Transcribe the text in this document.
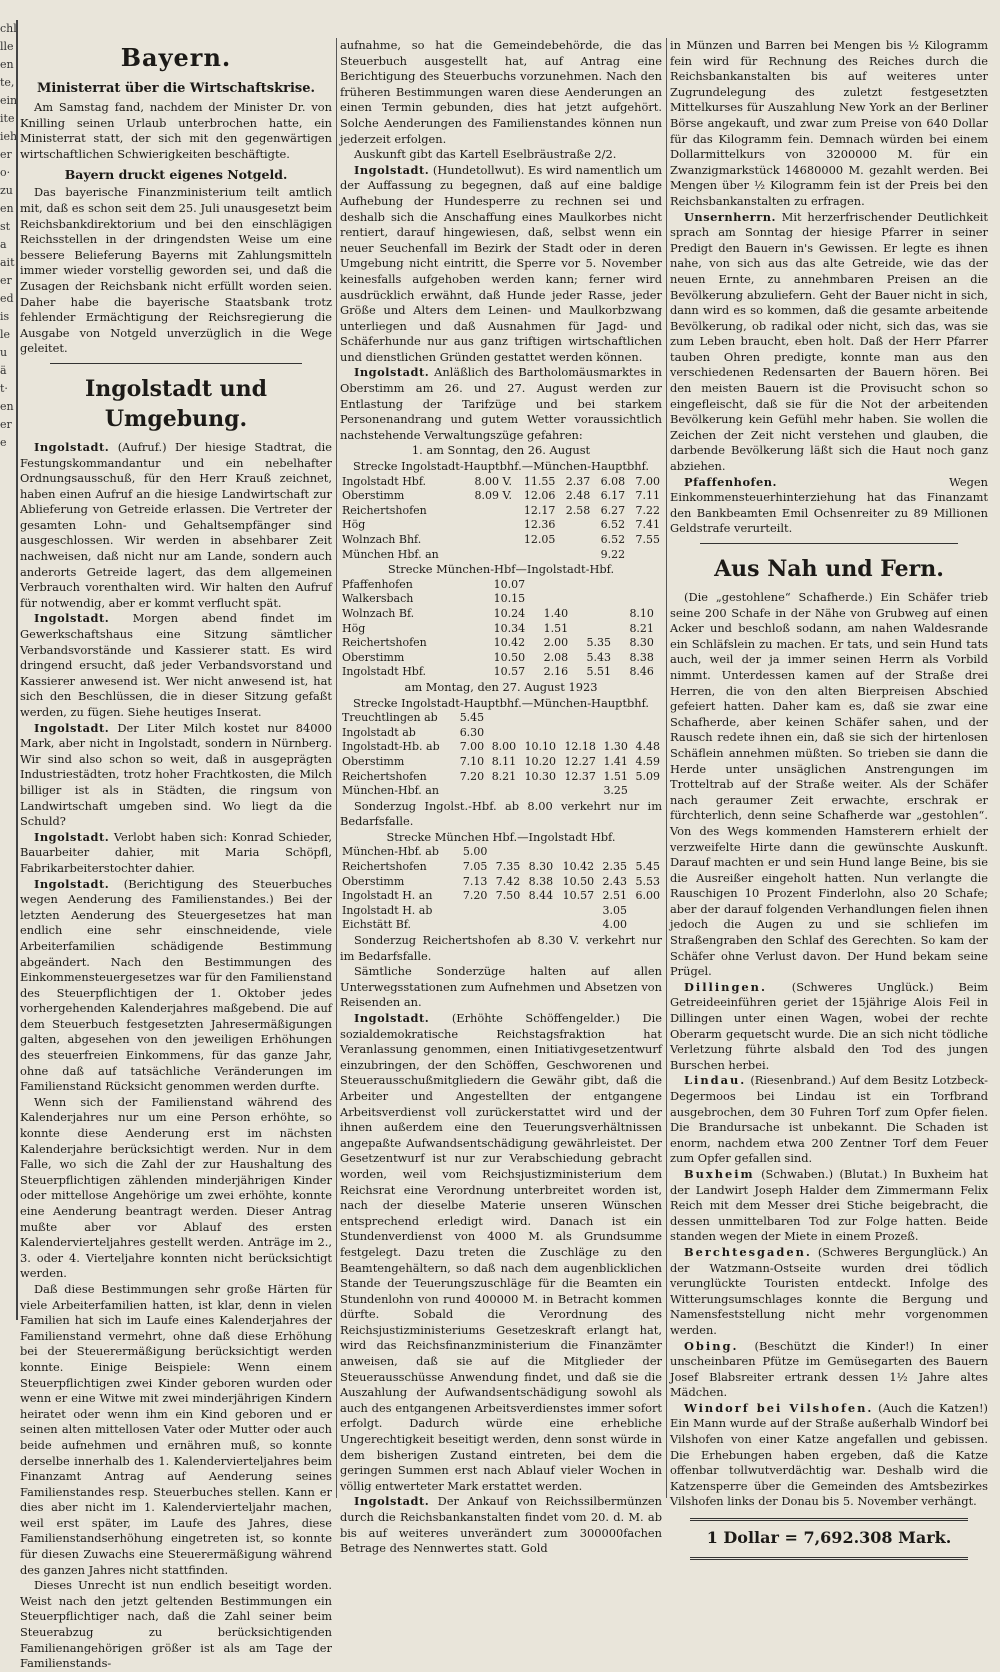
chl
lle
en
te,
ein
ite
ieh
er
o·
zu
en
st
a
ait
er
ed
is
le
u
ä
t·
en
er
e
Bayern.
Ministerrat über die Wirtschaftskrise.

Am Samstag fand, nachdem der Minister Dr. von Knilling seinen Urlaub unterbrochen hatte, ein Ministerrat statt, der sich mit den gegenwärtigen wirtschaftlichen Schwierigkeiten beschäftigte.

Bayern druckt eigenes Notgeld.

Das bayerische Finanzministerium teilt amtlich mit, daß es schon seit dem 25. Juli unausgesetzt beim Reichsbankdirektorium und bei den einschlägigen Reichsstellen in der dringendsten Weise um eine bessere Belieferung Bayerns mit Zahlungsmitteln immer wieder vorstellig geworden sei, und daß die Zusagen der Reichsbank nicht erfüllt worden seien. Daher habe die bayerische Staatsbank trotz fehlender Ermächtigung der Reichsregierung die Ausgabe von Notgeld unverzüglich in die Wege geleitet.

Ingolstadt und Umgebung.

Ingolstadt. (Aufruf.) Der hiesige Stadtrat, die Festungskommandantur und ein nebelhafter Ordnungsausschuß, für den Herr Krauß zeichnet, haben einen Aufruf an die hiesige Landwirtschaft zur Ablieferung von Getreide erlassen. Die Vertreter der gesamten Lohn- und Gehaltsempfänger sind ausgeschlossen. Wir werden in absehbarer Zeit nachweisen, daß nicht nur am Lande, sondern auch anderorts Getreide lagert, das dem allgemeinen Verbrauch vorenthalten wird. Wir halten den Aufruf für notwendig, aber er kommt verflucht spät.

Ingolstadt. Morgen abend findet im Gewerkschaftshaus eine Sitzung sämtlicher Verbandsvorstände und Kassierer statt. Es wird dringend ersucht, daß jeder Verbandsvorstand und Kassierer anwesend ist. Wer nicht anwesend ist, hat sich den Beschlüssen, die in dieser Sitzung gefaßt werden, zu fügen. Siehe heutiges Inserat.

Ingolstadt. Der Liter Milch kostet nur 84000 Mark, aber nicht in Ingolstadt, sondern in Nürnberg. Wir sind also schon so weit, daß in ausgeprägten Industriestädten, trotz hoher Frachtkosten, die Milch billiger ist als in Städten, die ringsum von Landwirtschaft umgeben sind. Wo liegt da die Schuld?

Ingolstadt. Verlobt haben sich: Konrad Schieder, Bauarbeiter dahier, mit Maria Schöpfl, Fabrikarbeiterstochter dahier.

Ingolstadt. (Berichtigung des Steuerbuches wegen Aenderung des Familienstandes.) Bei der letzten Aenderung des Steuergesetzes hat man endlich eine sehr einschneidende, viele Arbeiterfamilien schädigende Bestimmung abgeändert. Nach den Bestimmungen des Einkommensteuergesetzes war für den Familienstand des Steuerpflichtigen der 1. Oktober jedes vorhergehenden Kalenderjahres maßgebend. Die auf dem Steuerbuch festgesetzten Jahresermäßigungen galten, abgesehen von den jeweiligen Erhöhungen des steuerfreien Einkommens, für das ganze Jahr, ohne daß auf tatsächliche Veränderungen im Familienstand Rücksicht genommen werden durfte.

Wenn sich der Familienstand während des Kalenderjahres nur um eine Person erhöhte, so konnte diese Aenderung erst im nächsten Kalenderjahre berücksichtigt werden. Nur in dem Falle, wo sich die Zahl der zur Haushaltung des Steuerpflichtigen zählenden minderjährigen Kinder oder mittellose Angehörige um zwei erhöhte, konnte eine Aenderung beantragt werden. Dieser Antrag mußte aber vor Ablauf des ersten Kalendervierteljahres gestellt werden. Anträge im 2., 3. oder 4. Vierteljahre konnten nicht berücksichtigt werden.

Daß diese Bestimmungen sehr große Härten für viele Arbeiterfamilien hatten, ist klar, denn in vielen Familien hat sich im Laufe eines Kalenderjahres der Familienstand vermehrt, ohne daß diese Erhöhung bei der Steuerermäßigung berücksichtigt werden konnte. Einige Beispiele: Wenn einem Steuerpflichtigen zwei Kinder geboren wurden oder wenn er eine Witwe mit zwei minderjährigen Kindern heiratet oder wenn ihm ein Kind geboren und er seinen alten mittellosen Vater oder Mutter oder auch beide aufnehmen und ernähren muß, so konnte derselbe innerhalb des 1. Kalendervierteljahres beim Finanzamt Antrag auf Aenderung seines Familienstandes resp. Steuerbuches stellen. Kann er dies aber nicht im 1. Kalendervierteljahr machen, weil erst später, im Laufe des Jahres, diese Familienstandserhöhung eingetreten ist, so konnte für diesen Zuwachs eine Steuerermäßigung während des ganzen Jahres nicht stattfinden.

Dieses Unrecht ist nun endlich beseitigt worden. Weist nach den jetzt geltenden Bestimmungen ein Steuerpflichtiger nach, daß die Zahl seiner beim Steuerabzug zu berücksichtigenden Familienangehörigen größer ist als am Tage der Familienstands-

aufnahme, so hat die Gemeindebehörde, die das Steuerbuch ausgestellt hat, auf Antrag eine Berichtigung des Steuerbuchs vorzunehmen. Nach den früheren Bestimmungen waren diese Aenderungen an einen Termin gebunden, dies hat jetzt aufgehört. Solche Aenderungen des Familienstandes können nun jederzeit erfolgen.

Auskunft gibt das Kartell Eselbräustraße 2/2.

Ingolstadt. (Hundetollwut). Es wird namentlich um der Auffassung zu begegnen, daß auf eine baldige Aufhebung der Hundesperre zu rechnen sei und deshalb sich die Anschaffung eines Maulkorbes nicht rentiert, darauf hingewiesen, daß, selbst wenn ein neuer Seuchenfall im Bezirk der Stadt oder in deren Umgebung nicht eintritt, die Sperre vor 5. November keinesfalls aufgehoben werden kann; ferner wird ausdrücklich erwähnt, daß Hunde jeder Rasse, jeder Größe und Alters dem Leinen- und Maulkorbzwang unterliegen und daß Ausnahmen für Jagd- und Schäferhunde nur aus ganz triftigen wirtschaftlichen und dienstlichen Gründen gestattet werden können.

Ingolstadt. Anläßlich des Bartholomäusmarktes in Oberstimm am 26. und 27. August werden zur Entlastung der Tarifzüge und bei starkem Personenandrang und gutem Wetter voraussichtlich nachstehende Verwaltungszüge gefahren:

1. am Sonntag, den 26. August

Strecke Ingolstadt-Hauptbhf.—München-Hauptbhf.

Ingolstadt Hbf.	8.00 V.	11.55	2.37	6.08	7.00
Oberstimm	8.09 V.	12.06	2.48	6.17	7.11
Reichertshofen		12.17	2.58	6.27	7.22
Hög		12.36		6.52	7.41
Wolnzach Bhf.		12.05		6.52	7.55
München Hbf. an				9.22	

Strecke München-Hbf—Ingolstadt-Hbf.

Pfaffenhofen	10.07				
Walkersbach	10.15				
Wolnzach Bf.	10.24	1.40		8.10	
Hög	10.34	1.51		8.21	
Reichertshofen	10.42	2.00	5.35	8.30	
Oberstimm	10.50	2.08	5.43	8.38	
Ingolstadt Hbf.	10.57	2.16	5.51	8.46	

am Montag, den 27. August 1923

Strecke Ingolstadt-Hauptbhf.—München-Hauptbhf.

Treuchtlingen ab	5.45					
Ingolstadt ab	6.30					
Ingolstadt-Hb. ab	7.00	8.00	10.10	12.18	1.30	4.48
Oberstimm	7.10	8.11	10.20	12.27	1.41	4.59
Reichertshofen	7.20	8.21	10.30	12.37	1.51	5.09
München-Hbf. an					3.25	

Sonderzug Ingolst.-Hbf. ab 8.00 verkehrt nur im Bedarfsfalle.

Strecke München Hbf.—Ingolstadt Hbf.

München-Hbf. ab	5.00					
Reichertshofen	7.05	7.35	8.30	10.42	2.35	5.45
Oberstimm	7.13	7.42	8.38	10.50	2.43	5.53
Ingolstadt H. an	7.20	7.50	8.44	10.57	2.51	6.00
Ingolstadt H. ab					3.05	
Eichstätt Bf.					4.00	

Sonderzug Reichertshofen ab 8.30 V. verkehrt nur im Bedarfsfalle.

Sämtliche Sonderzüge halten auf allen Unterwegsstationen zum Aufnehmen und Absetzen von Reisenden an.

Ingolstadt. (Erhöhte Schöffengelder.) Die sozialdemokratische Reichstagsfraktion hat Veranlassung genommen, einen Initiativgesetzentwurf einzubringen, der den Schöffen, Geschworenen und Steuerausschußmitgliedern die Gewähr gibt, daß die Arbeiter und Angestellten der entgangene Arbeitsverdienst voll zurückerstattet wird und der ihnen außerdem eine den Teuerungsverhältnissen angepaßte Aufwandsentschädigung gewährleistet. Der Gesetzentwurf ist nur zur Verabschiedung gebracht worden, weil vom Reichsjustizministerium dem Reichsrat eine Verordnung unterbreitet worden ist, nach der dieselbe Materie unseren Wünschen entsprechend erledigt wird. Danach ist ein Stundenverdienst von 4000 M. als Grundsumme festgelegt. Dazu treten die Zuschläge zu den Beamtengehältern, so daß nach dem augenblicklichen Stande der Teuerungszuschläge für die Beamten ein Stundenlohn von rund 400000 M. in Betracht kommen dürfte. Sobald die Verordnung des Reichsjustizministeriums Gesetzeskraft erlangt hat, wird das Reichsfinanzministerium die Finanzämter anweisen, daß sie auf die Mitglieder der Steuerausschüsse Anwendung findet, und daß sie die Auszahlung der Aufwandsentschädigung sowohl als auch des entgangenen Arbeitsverdienstes immer sofort erfolgt. Dadurch würde eine erhebliche Ungerechtigkeit beseitigt werden, denn sonst würde in dem bisherigen Zustand eintreten, bei dem die geringen Summen erst nach Ablauf vieler Wochen in völlig entwerteter Mark erstattet werden.

Ingolstadt. Der Ankauf von Reichssilbermünzen durch die Reichsbankanstalten findet vom 20. d. M. ab bis auf weiteres unverändert zum 300000fachen Betrage des Nennwertes statt. Gold

in Münzen und Barren bei Mengen bis ½ Kilogramm fein wird für Rechnung des Reiches durch die Reichsbankanstalten bis auf weiteres unter Zugrundelegung des zuletzt festgesetzten Mittelkurses für Auszahlung New York an der Berliner Börse angekauft, und zwar zum Preise von 640 Dollar für das Kilogramm fein. Demnach würden bei einem Dollarmittelkurs von 3200000 M. für ein Zwanzigmarkstück 14680000 M. gezahlt werden. Bei Mengen über ½ Kilogramm fein ist der Preis bei den Reichsbankanstalten zu erfragen.

Unsernherrn. Mit herzerfrischender Deutlichkeit sprach am Sonntag der hiesige Pfarrer in seiner Predigt den Bauern in's Gewissen. Er legte es ihnen nahe, von sich aus das alte Getreide, wie das der neuen Ernte, zu annehmbaren Preisen an die Bevölkerung abzuliefern. Geht der Bauer nicht in sich, dann wird es so kommen, daß die gesamte arbeitende Bevölkerung, ob radikal oder nicht, sich das, was sie zum Leben braucht, eben holt. Daß der Herr Pfarrer tauben Ohren predigte, konnte man aus den verschiedenen Redensarten der Bauern hören. Bei den meisten Bauern ist die Provisucht schon so eingefleischt, daß sie für die Not der arbeitenden Bevölkerung kein Gefühl mehr haben. Sie wollen die Zeichen der Zeit nicht verstehen und glauben, die darbende Bevölkerung läßt sich die Haut noch ganz abziehen.

Pfaffenhofen.	Wegen Einkommensteuerhinterziehung hat das Finanzamt den Bankbeamten Emil Ochsenreiter zu 89 Millionen Geldstrafe verurteilt.

Aus Nah und Fern.

(Die „gestohlene“ Schafherde.) Ein Schäfer trieb seine 200 Schafe in der Nähe von Grubweg auf einen Acker und beschloß sodann, am nahen Waldesrande ein Schläfslein zu machen. Er tats, und sein Hund tats auch, weil der ja immer seinen Herrn als Vorbild nimmt. Unterdessen kamen auf der Straße drei Herren, die von den alten Bierpreisen Abschied gefeiert hatten. Daher kam es, daß sie zwar eine Schafherde, aber keinen Schäfer sahen, und der Rausch redete ihnen ein, daß sie sich der hirtenlosen Schäflein annehmen müßten. So trieben sie dann die Herde unter unsäglichen Anstrengungen im Trotteltrab auf der Straße weiter. Als der Schäfer nach geraumer Zeit erwachte, erschrak er fürchterlich, denn seine Schafherde war „gestohlen“. Von des Wegs kommenden Hamsterern erhielt der verzweifelte Hirte dann die gewünschte Auskunft. Darauf machten er und sein Hund lange Beine, bis sie die Ausreißer eingeholt hatten. Nun verlangte die Rauschigen 10 Prozent Finderlohn, also 20 Schafe; aber der darauf folgenden Verhandlungen fielen ihnen jedoch die Augen zu und sie schliefen im Straßengraben den Schlaf des Gerechten. So kam der Schäfer ohne Verlust davon. Der Hund bekam seine Prügel.

Dillingen. (Schweres Unglück.) Beim Getreideeinführen geriet der 15jährige Alois Feil in Dillingen unter einen Wagen, wobei der rechte Oberarm gequetscht wurde. Die an sich nicht tödliche Verletzung führte alsbald den Tod des jungen Burschen herbei.

Lindau. (Riesenbrand.) Auf dem Besitz Lotzbeck-Degermoos bei Lindau ist ein Torfbrand ausgebrochen, dem 30 Fuhren Torf zum Opfer fielen. Die Brandursache ist unbekannt. Die Schaden ist enorm, nachdem etwa 200 Zentner Torf dem Feuer zum Opfer gefallen sind.

Buxheim (Schwaben.) (Blutat.) In Buxheim hat der Landwirt Joseph Halder dem Zimmermann Felix Reich mit dem Messer drei Stiche beigebracht, die dessen unmittelbaren Tod zur Folge hatten. Beide standen wegen der Miete in einem Prozeß.

Berchtesgaden. (Schweres Bergunglück.) An der Watzmann-Ostseite wurden drei tödlich verunglückte Touristen entdeckt. Infolge des Witterungsumschlages konnte die Bergung und Namensfeststellung nicht mehr vorgenommen werden.

Obing. (Beschützt die Kinder!) In einer unscheinbaren Pfütze im Gemüsegarten des Bauern Josef Blabsreiter ertrank dessen 1½ Jahre altes Mädchen.

Windorf bei Vilshofen. (Auch die Katzen!) Ein Mann wurde auf der Straße außerhalb Windorf bei Vilshofen von einer Katze angefallen und gebissen. Die Erhebungen haben ergeben, daß die Katze offenbar tollwutverdächtig war. Deshalb wird die Katzensperre über die Gemeinden des Amtsbezirkes Vilshofen links der Donau bis 5. November verhängt.

1 Dollar = 7,692.308 Mark.
